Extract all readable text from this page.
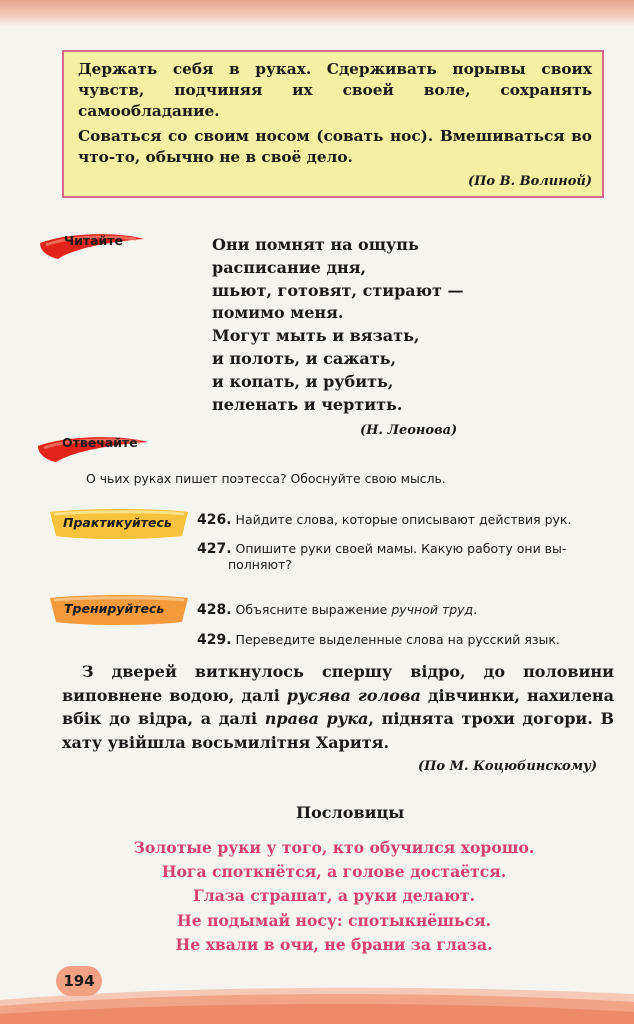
Держать себя в руках. Сдерживать порывы своих чувств, подчиняя их своей воле, сохранять самообладание.

Соваться со своим носом (совать нос). Вмешиваться во что-то, обычно не в своё дело.

(По В. Волиной)
Читайте	Они помнят на ощупь
расписание дня,
шьют, готовят, стирают —
помимо меня.
Могут мыть и вязать,
и полоть, и сажать,
и копать, и рубить,
пеленать и чертить.
(Н. Леонова)
Отвечайте
О чьих руках пишет поэтесса? Обоснуйте свою мысль.
Практикуйтесь 426. Найдите слова, которые описывают действия рук.
427. Опишите руки своей мамы. Какую работу они вы-
полняют?
Тренируйтесь 428. Объясните выражение ручной труд.
429. Переведите выделенные слова на русский язык.
З дверей виткнулось спершу відро, до половини виповнене водою, далі русява голова дівчинки, нахилена вбік до відра, а далі права рука, піднята трохи догори. В хату увійшла восьмилітня Харитя.
(По М. Коцюбинскому)
Пословицы
Золотые руки у того, кто обучился хорошо.
Нога споткнётся, а голове достаётся.
Глаза страшат, а руки делают.
Не подымай носу: спотыкнёшься.
Не хвали в очи, не брани за глаза.
194
